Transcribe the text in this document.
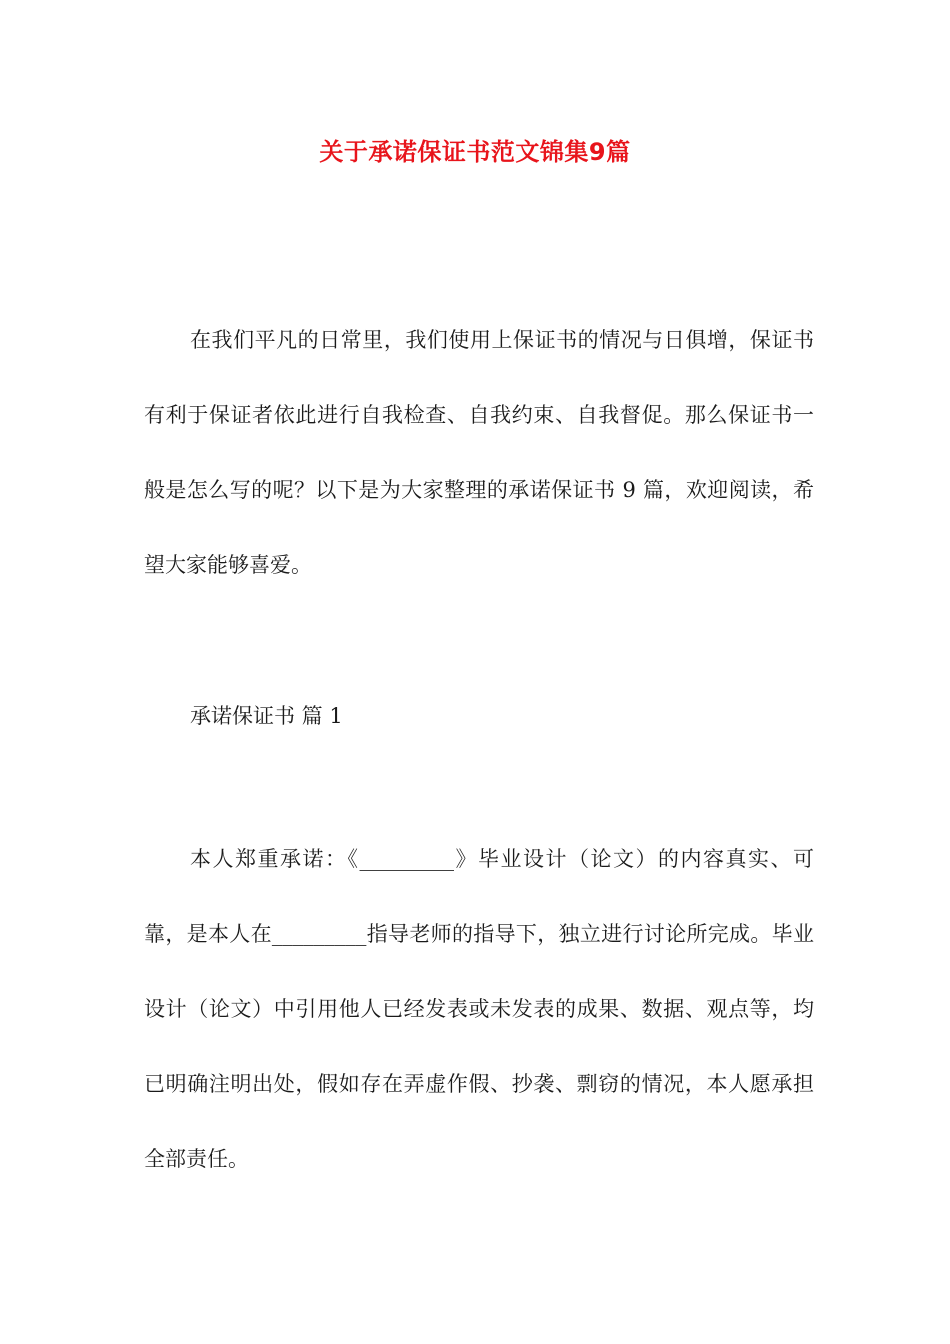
关于承诺保证书范文锦集9篇

在我们平凡的日常里，我们使用上保证书的情况与日俱增，保证书有利于保证者依此进行自我检查、自我约束、自我督促。那么保证书一般是怎么写的呢？以下是为大家整理的承诺保证书 9 篇，欢迎阅读，希望大家能够喜爱。

承诺保证书 篇 1

本人郑重承诺：《_________》毕业设计（论文）的内容真实、可靠，是本人在_________指导老师的指导下，独立进行讨论所完成。毕业设计（论文）中引用他人已经发表或未发表的成果、数据、观点等，均已明确注明出处，假如存在弄虚作假、抄袭、剽窃的情况，本人愿承担全部责任。
